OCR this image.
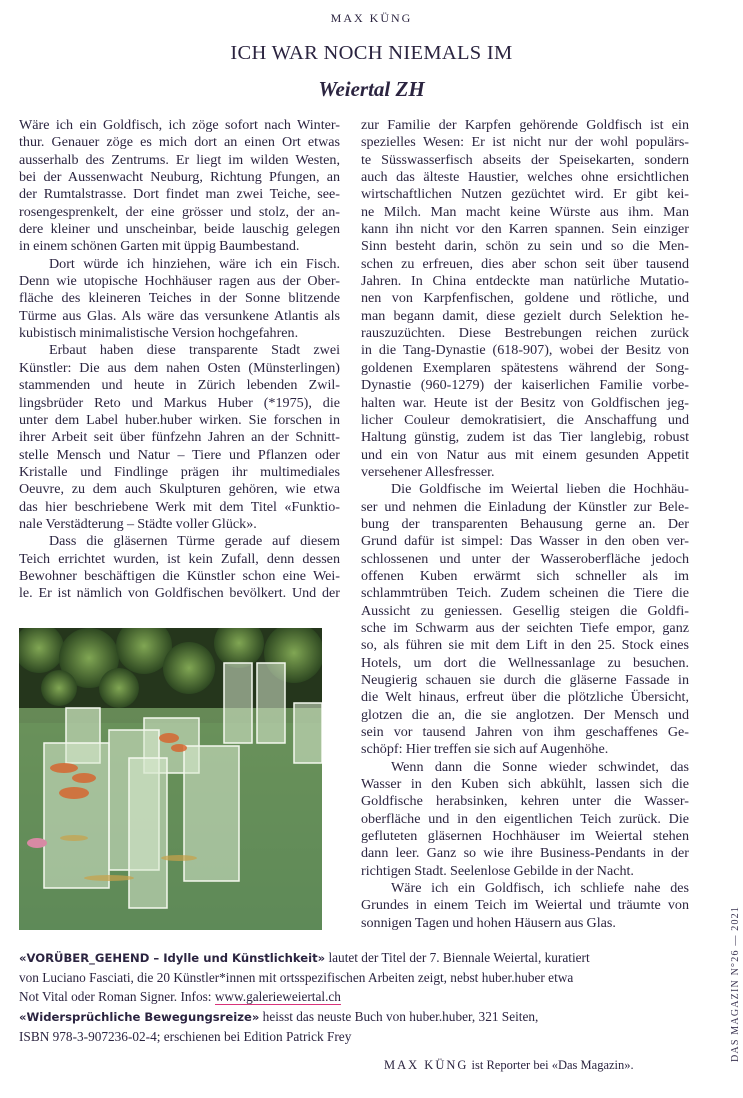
MAX KÜNG
ICH WAR NOCH NIEMALS IM
Weiertal ZH
Wäre ich ein Goldfisch, ich zöge sofort nach Winter-
thur. Genauer zöge es mich dort an einen Ort etwas
ausserhalb des Zentrums. Er liegt im wilden Westen,
bei der Aussenwacht Neuburg, Richtung Pfungen, an
der Rumtalstrasse. Dort findet man zwei Teiche, see-
rosengesprenkelt, der eine grösser und stolz, der an-
dere kleiner und unscheinbar, beide lauschig gelegen
in einem schönen Garten mit üppig Baumbestand.
Dort würde ich hinziehen, wäre ich ein Fisch.
Denn wie utopische Hochhäuser ragen aus der Ober-
fläche des kleineren Teiches in der Sonne blitzende
Türme aus Glas. Als wäre das versunkene Atlantis als
kubistisch minimalistische Version hochgefahren.
Erbaut haben diese transparente Stadt zwei
Künstler: Die aus dem nahen Osten (Münsterlingen)
stammenden und heute in Zürich lebenden Zwil-
lingsbrüder Reto und Markus Huber (*1975), die
unter dem Label huber.huber wirken. Sie forschen in
ihrer Arbeit seit über fünfzehn Jahren an der Schnitt-
stelle Mensch und Natur – Tiere und Pflanzen oder
Kristalle und Findlinge prägen ihr multimediales
Oeuvre, zu dem auch Skulpturen gehören, wie etwa
das hier beschriebene Werk mit dem Titel «Funktio-
nale Verstädterung – Städte voller Glück».
Dass die gläsernen Türme gerade auf diesem
Teich errichtet wurden, ist kein Zufall, denn dessen
Bewohner beschäftigen die Künstler schon eine Wei-
le. Er ist nämlich von Goldfischen bevölkert. Und der
zur Familie der Karpfen gehörende Goldfisch ist ein
spezielles Wesen: Er ist nicht nur der wohl populärs-
te Süsswasserfisch abseits der Speisekarten, sondern
auch das älteste Haustier, welches ohne ersichtlichen
wirtschaftlichen Nutzen gezüchtet wird. Er gibt kei-
ne Milch. Man macht keine Würste aus ihm. Man
kann ihn nicht vor den Karren spannen. Sein einziger
Sinn besteht darin, schön zu sein und so die Men-
schen zu erfreuen, dies aber schon seit über tausend
Jahren. In China entdeckte man natürliche Mutatio-
nen von Karpfenfischen, goldene und rötliche, und
man begann damit, diese gezielt durch Selektion he-
rauszuzüchten. Diese Bestrebungen reichen zurück
in die Tang-Dynastie (618-907), wobei der Besitz von
goldenen Exemplaren spätestens während der Song-
Dynastie (960-1279) der kaiserlichen Familie vorbe-
halten war. Heute ist der Besitz von Goldfischen jeg-
licher Couleur demokratisiert, die Anschaffung und
Haltung günstig, zudem ist das Tier langlebig, robust
und ein von Natur aus mit einem gesunden Appetit
versehener Allesfresser.
Die Goldfische im Weiertal lieben die Hochhäu-
ser und nehmen die Einladung der Künstler zur Bele-
bung der transparenten Behausung gerne an. Der
Grund dafür ist simpel: Das Wasser in den oben ver-
schlossenen und unter der Wasseroberfläche jedoch
offenen Kuben erwärmt sich schneller als im
schlammtrüben Teich. Zudem scheinen die Tiere die
Aussicht zu geniessen. Gesellig steigen die Goldfi-
sche im Schwarm aus der seichten Tiefe empor, ganz
so, als führen sie mit dem Lift in den 25. Stock eines
Hotels, um dort die Wellnessanlage zu besuchen.
Neugierig schauen sie durch die gläserne Fassade in
die Welt hinaus, erfreut über die plötzliche Übersicht,
glotzen die an, die sie anglotzen. Der Mensch und
sein vor tausend Jahren von ihm geschaffenes Ge-
schöpf: Hier treffen sie sich auf Augenhöhe.
Wenn dann die Sonne wieder schwindet, das
Wasser in den Kuben sich abkühlt, lassen sich die
Goldfische herabsinken, kehren unter die Wasser-
oberfläche und in den eigentlichen Teich zurück. Die
gefluteten gläsernen Hochhäuser im Weiertal stehen
dann leer. Ganz so wie ihre Business-Pendants in der
richtigen Stadt. Seelenlose Gebilde in der Nacht.
Wäre ich ein Goldfisch, ich schliefe nahe des
Grundes in einem Teich im Weiertal und träumte von
sonnigen Tagen und hohen Häusern aus Glas.
«VORÜBER_GEHEND – Idylle und Künstlichkeit» lautet der Titel der 7. Biennale Weiertal, kuratiert
von Luciano Fasciati, die 20 Künstler*innen mit ortsspezifischen Arbeiten zeigt, nebst huber.huber etwa
Not Vital oder Roman Signer. Infos: www.galerieweiertal.ch
«Widersprüchliche Bewegungsreize» heisst das neuste Buch von huber.huber, 321 Seiten,
ISBN 978-3-907236-02-4; erschienen bei Edition Patrick Frey
MAX KÜNG ist Reporter bei «Das Magazin».
DAS MAGAZIN N°26 — 2021
